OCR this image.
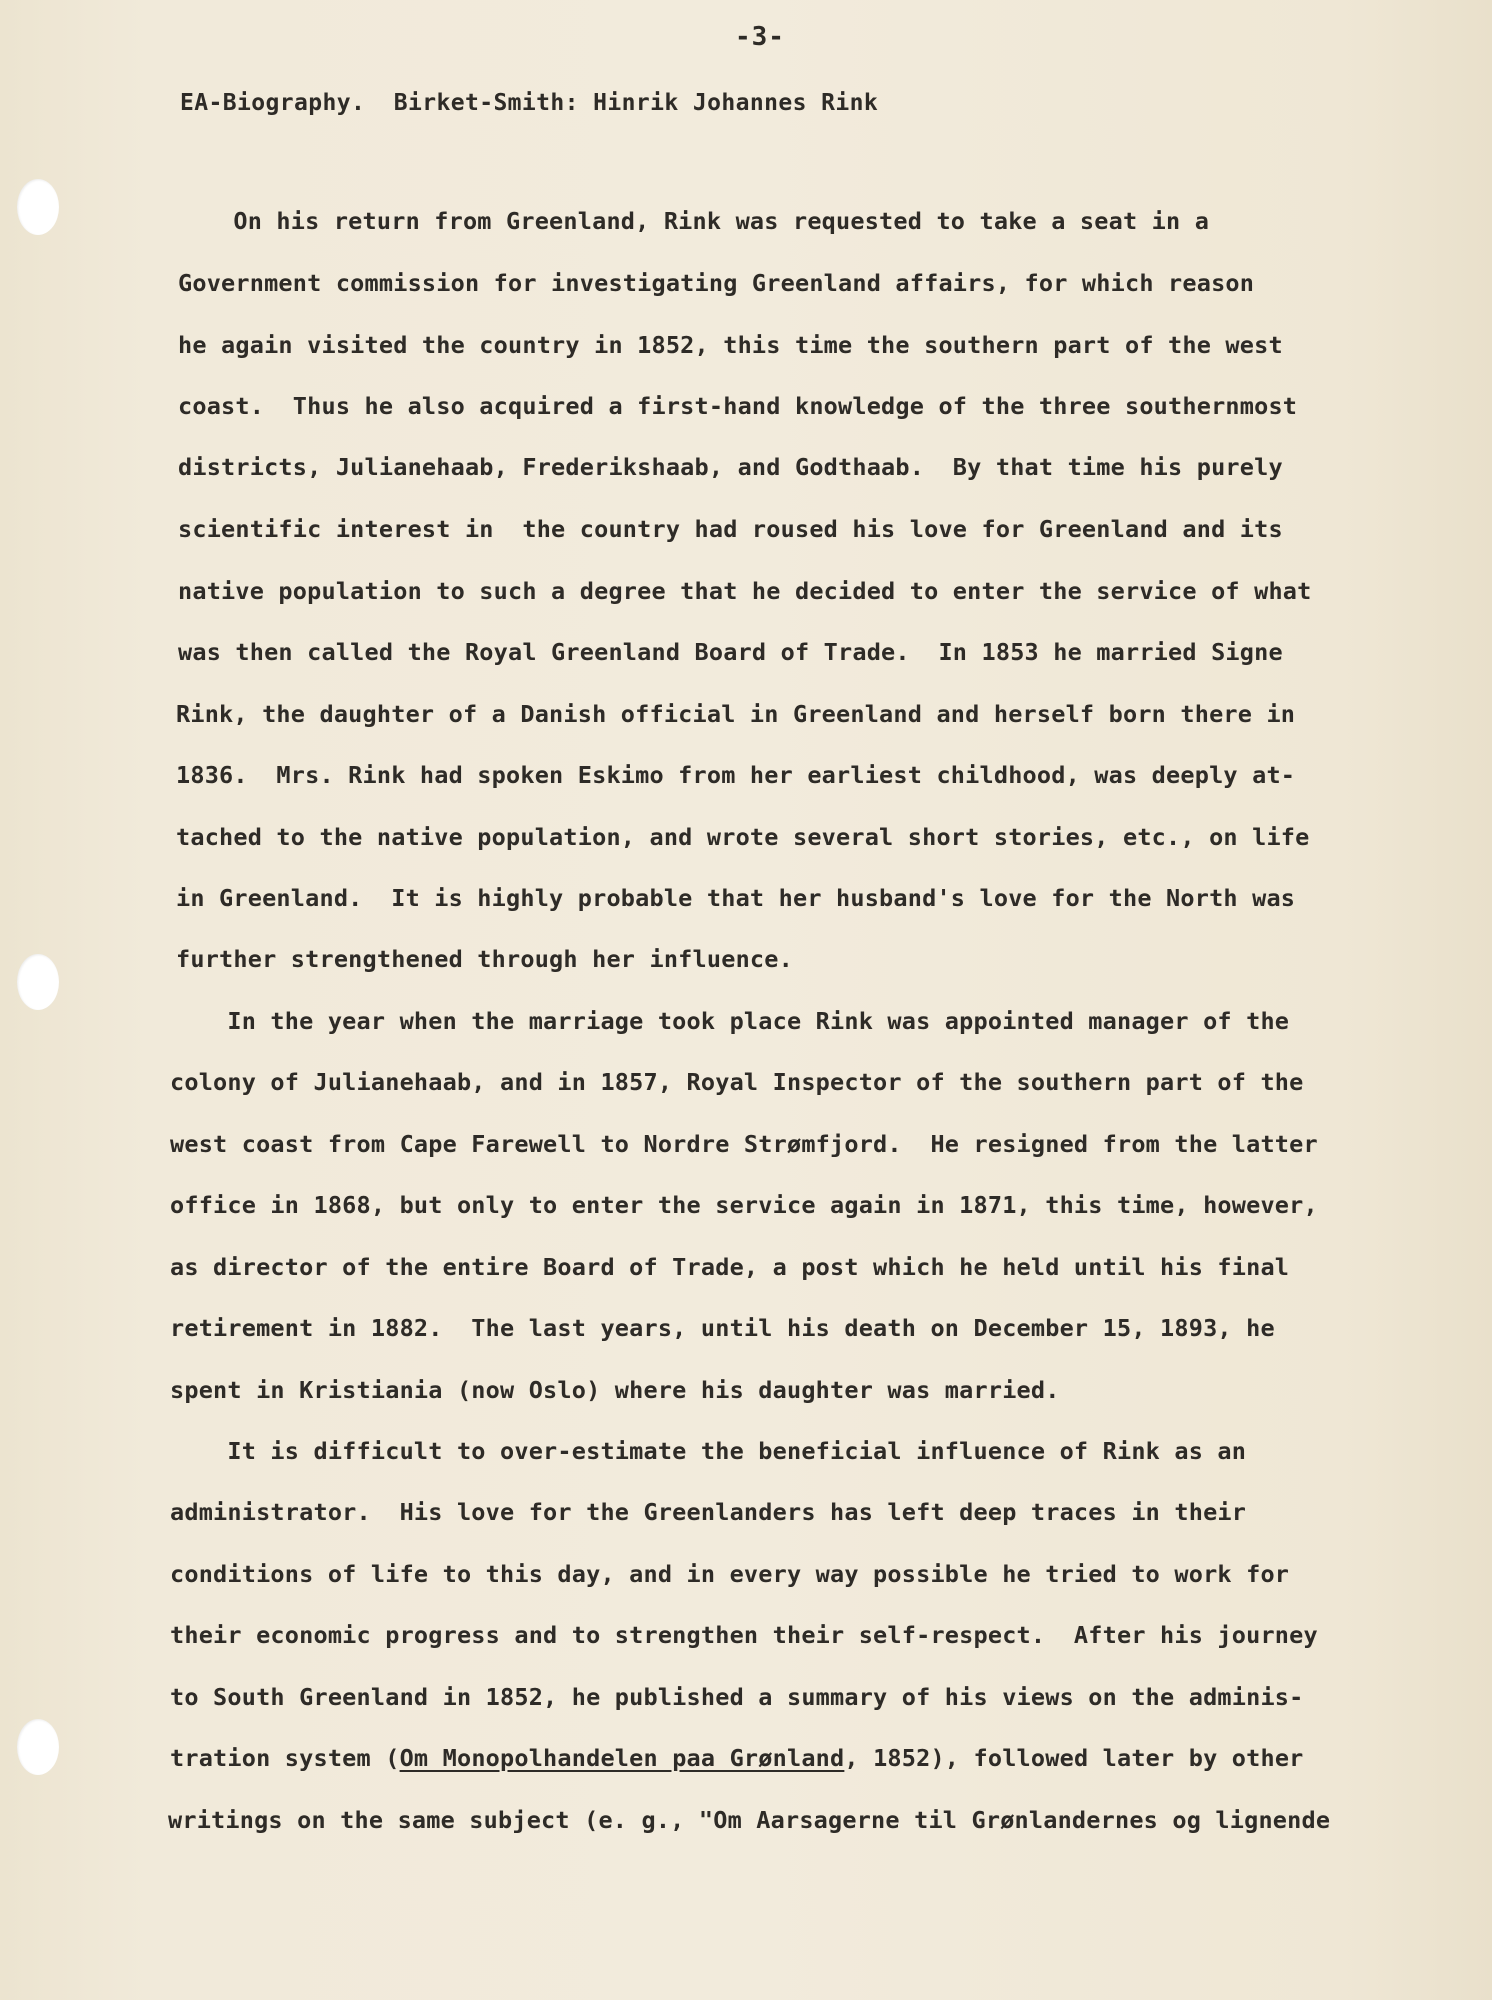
-3-
EA-Biography.  Birket-Smith: Hinrik Johannes Rink
On his return from Greenland, Rink was requested to take a seat in a
Government commission for investigating Greenland affairs, for which reason
he again visited the country in 1852, this time the southern part of the west
coast.  Thus he also acquired a first-hand knowledge of the three southernmost
districts, Julianehaab, Frederikshaab, and Godthaab.  By that time his purely
scientific interest in  the country had roused his love for Greenland and its
native population to such a degree that he decided to enter the service of what
was then called the Royal Greenland Board of Trade.  In 1853 he married Signe
Rink, the daughter of a Danish official in Greenland and herself born there in
1836.  Mrs. Rink had spoken Eskimo from her earliest childhood, was deeply at-
tached to the native population, and wrote several short stories, etc., on life
in Greenland.  It is highly probable that her husband's love for the North was
further strengthened through her influence.
In the year when the marriage took place Rink was appointed manager of the
colony of Julianehaab, and in 1857, Royal Inspector of the southern part of the
west coast from Cape Farewell to Nordre Strømfjord.  He resigned from the latter
office in 1868, but only to enter the service again in 1871, this time, however,
as director of the entire Board of Trade, a post which he held until his final
retirement in 1882.  The last years, until his death on December 15, 1893, he
spent in Kristiania (now Oslo) where his daughter was married.
It is difficult to over-estimate the beneficial influence of Rink as an
administrator.  His love for the Greenlanders has left deep traces in their
conditions of life to this day, and in every way possible he tried to work for
their economic progress and to strengthen their self-respect.  After his journey
to South Greenland in 1852, he published a summary of his views on the adminis-
tration system (Om Monopolhandelen paa Grønland, 1852), followed later by other
writings on the same subject (e. g., "Om Aarsagerne til Grønlandernes og lignende
